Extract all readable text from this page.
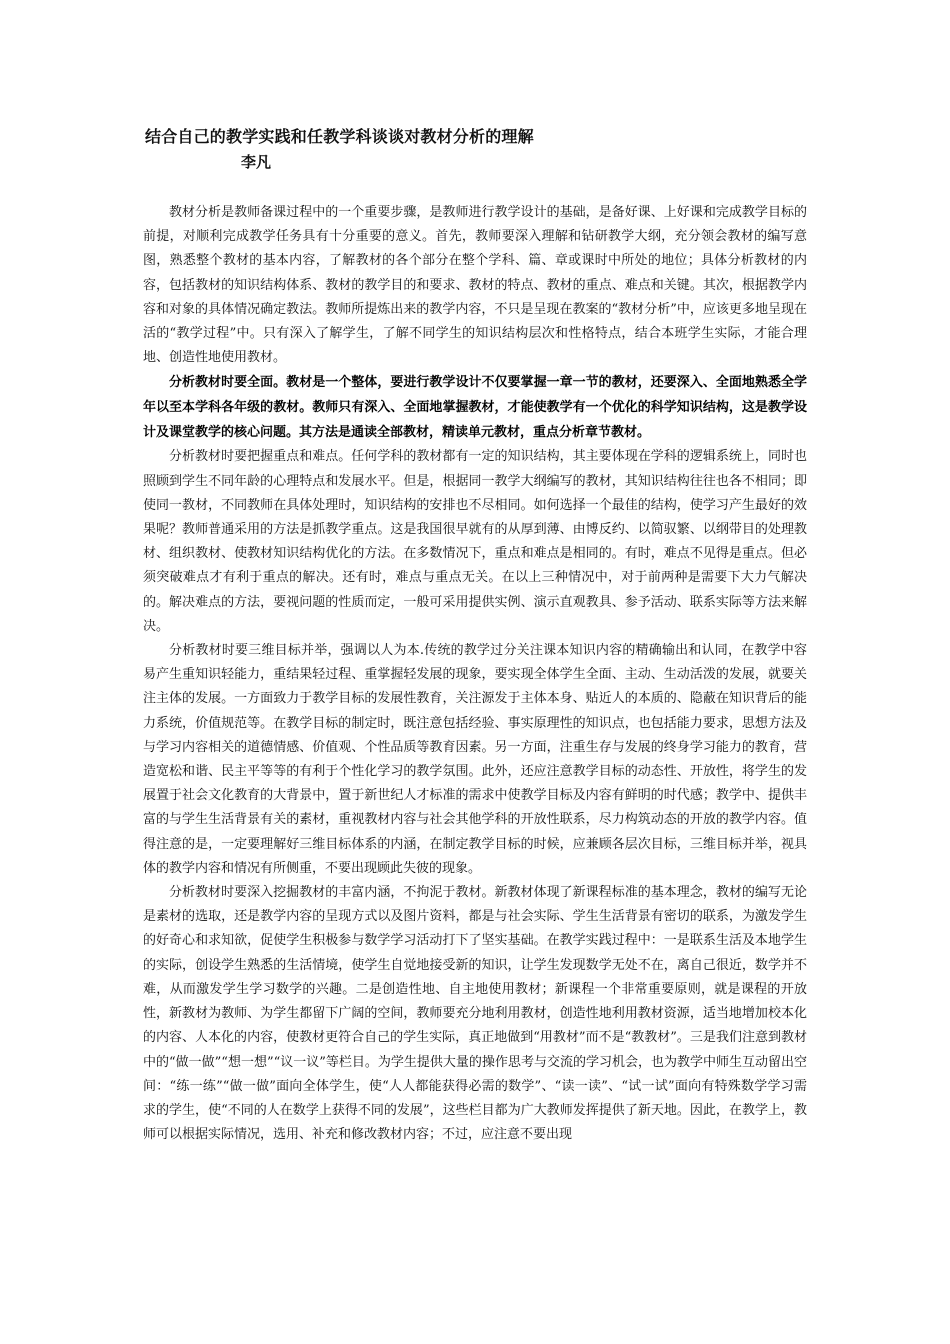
结合自己的教学实践和任教学科谈谈对教材分析的理解
李凡

教材分析是教师备课过程中的一个重要步骤，是教师进行教学设计的基础，是备好课、上好课和完成教学目标的前提，对顺利完成教学任务具有十分重要的意义。首先，教师要深入理解和钻研教学大纲，充分领会教材的编写意图，熟悉整个教材的基本内容，了解教材的各个部分在整个学科、篇、章或课时中所处的地位；具体分析教材的内容，包括教材的知识结构体系、教材的教学目的和要求、教材的特点、教材的重点、难点和关键。其次，根据教学内容和对象的具体情况确定教法。教师所提炼出来的教学内容，不只是呈现在教案的“教材分析”中，应该更多地呈现在活的“教学过程”中。只有深入了解学生，了解不同学生的知识结构层次和性格特点，结合本班学生实际，才能合理地、创造性地使用教材。

分析教材时要全面。教材是一个整体，要进行教学设计不仅要掌握一章一节的教材，还要深入、全面地熟悉全学年以至本学科各年级的教材。教师只有深入、全面地掌握教材，才能使教学有一个优化的科学知识结构，这是教学设计及课堂教学的核心问题。其方法是通读全部教材，精读单元教材，重点分析章节教材。

分析教材时要把握重点和难点。任何学科的教材都有一定的知识结构，其主要体现在学科的逻辑系统上，同时也照顾到学生不同年龄的心理特点和发展水平。但是，根据同一教学大纲编写的教材，其知识结构往往也各不相同；即使同一教材，不同教师在具体处理时，知识结构的安排也不尽相同。如何选择一个最佳的结构，使学习产生最好的效果呢？教师普通采用的方法是抓教学重点。这是我国很早就有的从厚到薄、由博反约、以简驭繁、以纲带目的处理教材、组织教材、使教材知识结构优化的方法。在多数情况下，重点和难点是相同的。有时，难点不见得是重点。但必须突破难点才有利于重点的解决。还有时，难点与重点无关。在以上三种情况中，对于前两种是需要下大力气解决的。解决难点的方法，要视问题的性质而定，一般可采用提供实例、演示直观教具、参予活动、联系实际等方法来解决。

分析教材时要三维目标并举，强调以人为本.传统的教学过分关注课本知识内容的精确输出和认同，在教学中容易产生重知识轻能力，重结果轻过程、重掌握轻发展的现象，要实现全体学生全面、主动、生动活泼的发展，就要关注主体的发展。一方面致力于教学目标的发展性教育，关注源发于主体本身、贴近人的本质的、隐蔽在知识背后的能力系统，价值规范等。在教学目标的制定时，既注意包括经验、事实原理性的知识点，也包括能力要求，思想方法及与学习内容相关的道德情感、价值观、个性品质等教育因素。另一方面，注重生存与发展的终身学习能力的教育，营造宽松和谐、民主平等等的有利于个性化学习的教学氛围。此外，还应注意教学目标的动态性、开放性，将学生的发展置于社会文化教育的大背景中，置于新世纪人才标准的需求中使教学目标及内容有鲜明的时代感；教学中、提供丰富的与学生生活背景有关的素材，重视教材内容与社会其他学科的开放性联系，尽力构筑动态的开放的教学内容。值得注意的是，一定要理解好三维目标体系的内涵，在制定教学目标的时候，应兼顾各层次目标，三维目标并举，视具体的教学内容和情况有所侧重，不要出现顾此失彼的现象。

分析教材时要深入挖掘教材的丰富内涵，不拘泥于教材。新教材体现了新课程标准的基本理念，教材的编写无论是素材的选取，还是教学内容的呈现方式以及图片资料，都是与社会实际、学生生活背景有密切的联系，为激发学生的好奇心和求知欲，促使学生积极参与数学学习活动打下了坚实基础。在教学实践过程中：一是联系生活及本地学生的实际，创设学生熟悉的生活情境，使学生自觉地接受新的知识，让学生发现数学无处不在，离自己很近，数学并不难，从而激发学生学习数学的兴趣。二是创造性地、自主地使用教材；新课程一个非常重要原则，就是课程的开放性，新教材为教师、为学生都留下广阔的空间，教师要充分地利用教材，创造性地利用教材资源，适当地增加校本化的内容、人本化的内容，使教材更符合自己的学生实际，真正地做到“用教材”而不是“教教材”。三是我们注意到教材中的“做一做”“想一想”“议一议”等栏目。为学生提供大量的操作思考与交流的学习机会，也为教学中师生互动留出空间：“练一练”“做一做”面向全体学生，使“人人都能获得必需的数学”、“读一读”、“试一试”面向有特殊数学学习需求的学生，使“不同的人在数学上获得不同的发展”，这些栏目都为广大教师发挥提供了新天地。因此，在教学上，教师可以根据实际情况，选用、补充和修改教材内容；不过，应注意不要出现
